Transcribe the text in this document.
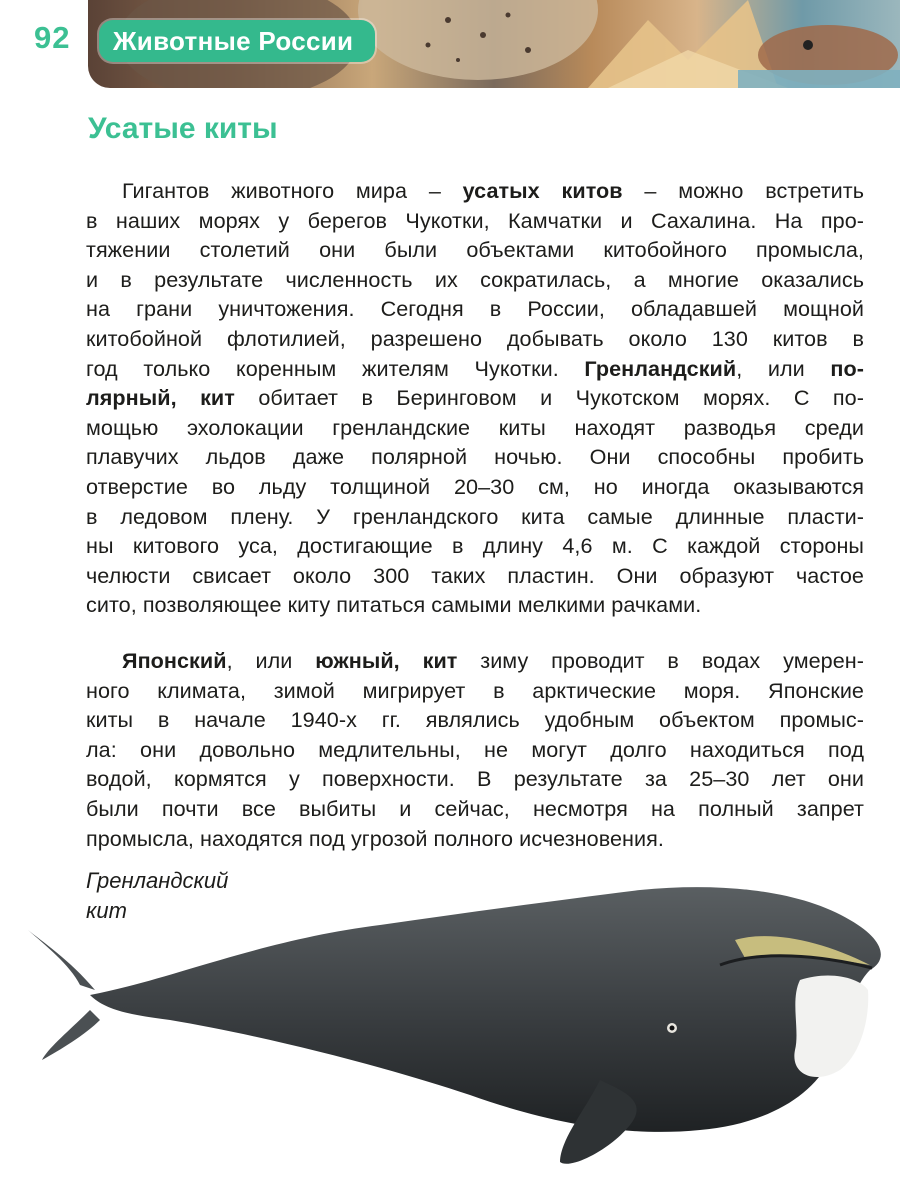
92	Животные России
Усатые киты

Гигантов животного мира – усатых китов – можно встретить
в наших морях у берегов Чукотки, Камчатки и Сахалина. На про-
тяжении столетий они были объектами китобойного промысла,
и в результате численность их сократилась, а многие оказались
на грани уничтожения. Сегодня в России, обладавшей мощной
китобойной флотилией, разрешено добывать около 130 китов в
год только коренным жителям Чукотки. Гренландский, или по-
лярный, кит обитает в Беринговом и Чукотском морях. С по-
мощью эхолокации гренландские киты находят разводья среди
плавучих льдов даже полярной ночью. Они способны пробить
отверстие во льду толщиной 20–30 см, но иногда оказываются
в ледовом плену. У гренландского кита самые длинные пласти-
ны китового уса, достигающие в длину 4,6 м. С каждой стороны
челюсти свисает около 300 таких пластин. Они образуют частое
сито, позволяющее киту питаться самыми мелкими рачками.

Японский, или южный, кит зиму проводит в водах умерен-
ного климата, зимой мигрирует в арктические моря. Японские
киты в начале 1940-х гг. являлись удобным объектом промыс-
ла: они довольно медлительны, не могут долго находиться под
водой, кормятся у поверхности. В результате за 25–30 лет они
были почти все выбиты и сейчас, несмотря на полный запрет
промысла, находятся под угрозой полного исчезновения.

Гренландский
кит
